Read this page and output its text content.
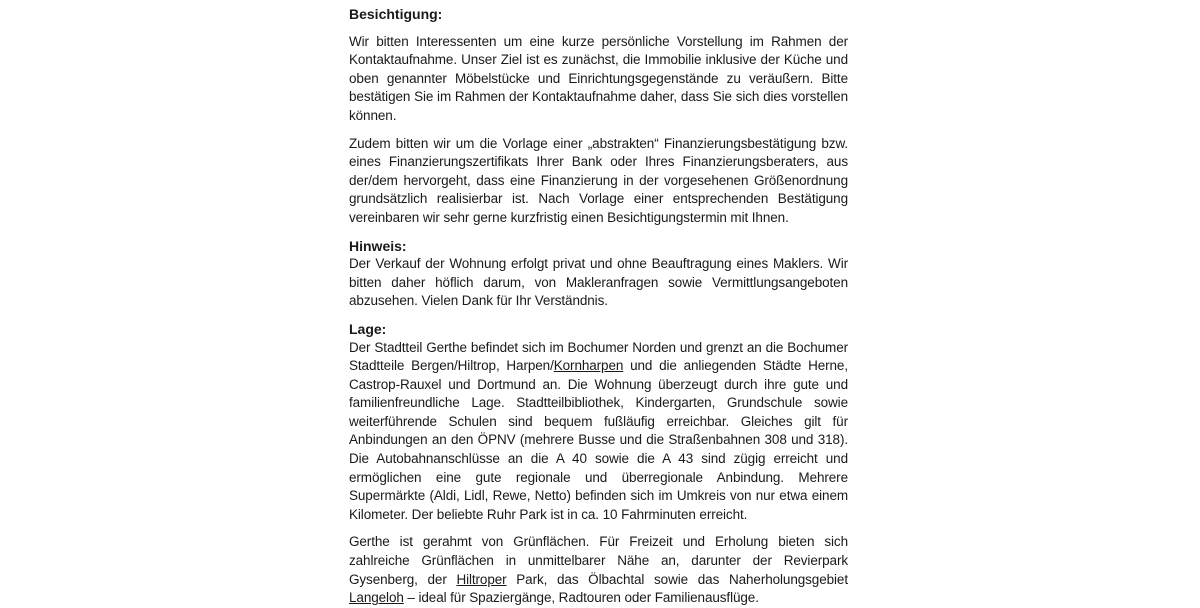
Besichtigung:

Wir bitten Interessenten um eine kurze persönliche Vorstellung im Rahmen der Kontaktaufnahme. Unser Ziel ist es zunächst, die Immobilie inklusive der Küche und oben genannter Möbelstücke und Einrichtungsgegenstände zu veräußern. Bitte bestätigen Sie im Rahmen der Kontaktaufnahme daher, dass Sie sich dies vorstellen können.

Zudem bitten wir um die Vorlage einer „abstrakten“ Finanzierungsbestätigung bzw. eines Finanzierungszertifikats Ihrer Bank oder Ihres Finanzierungsberaters, aus der/dem hervorgeht, dass eine Finanzierung in der vorgesehenen Größenordnung grundsätzlich realisierbar ist. Nach Vorlage einer entsprechenden Bestätigung vereinbaren wir sehr gerne kurzfristig einen Besichtigungstermin mit Ihnen.

Hinweis:

Der Verkauf der Wohnung erfolgt privat und ohne Beauftragung eines Maklers. Wir bitten daher höflich darum, von Makleranfragen sowie Vermittlungsangeboten abzusehen. Vielen Dank für Ihr Verständnis.

Lage:

Der Stadtteil Gerthe befindet sich im Bochumer Norden und grenzt an die Bochumer Stadtteile Bergen/Hiltrop, Harpen/Kornharpen und die anliegenden Städte Herne, Castrop-Rauxel und Dortmund an. Die Wohnung überzeugt durch ihre gute und familienfreundliche Lage. Stadtteilbibliothek, Kindergarten, Grundschule sowie weiterführende Schulen sind bequem fußläufig erreichbar. Gleiches gilt für Anbindungen an den ÖPNV (mehrere Busse und die Straßenbahnen 308 und 318). Die Autobahnanschlüsse an die A 40 sowie die A 43 sind zügig erreicht und ermöglichen eine gute regionale und überregionale Anbindung. Mehrere Supermärkte (Aldi, Lidl, Rewe, Netto) befinden sich im Umkreis von nur etwa einem Kilometer. Der beliebte Ruhr Park ist in ca. 10 Fahrminuten erreicht.

Gerthe ist gerahmt von Grünflächen. Für Freizeit und Erholung bieten sich zahlreiche Grünflächen in unmittelbarer Nähe an, darunter der Revierpark Gysenberg, der Hiltroper Park, das Ölbachtal sowie das Naherholungsgebiet Langeloh – ideal für Spaziergänge, Radtouren oder Familienausflüge.
